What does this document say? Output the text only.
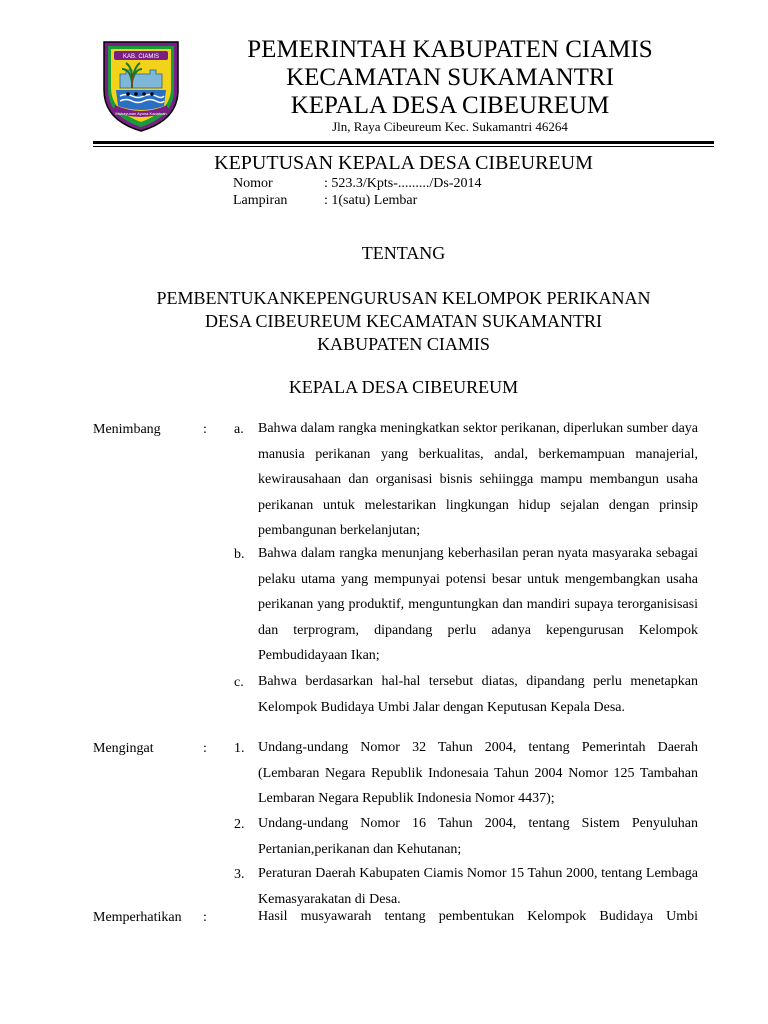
KAB. CIAMIS
Mahayunan Ayuna Kadatuan
PEMERINTAH KABUPATEN CIAMIS
KECAMATAN SUKAMANTRI
KEPALA DESA CIBEUREUM
Jln, Raya Cibeureum Kec. Sukamantri 46264
KEPUTUSAN KEPALA DESA CIBEUREUM
Nomor	: 523.3/Kpts-........./Ds-2014
Lampiran	: 1(satu) Lembar
TENTANG
PEMBENTUKANKEPENGURUSAN KELOMPOK PERIKANAN
DESA CIBEUREUM KECAMATAN SUKAMANTRI
KABUPATEN CIAMIS
KEPALA DESA CIBEUREUM
Menimbang	: a. Bahwa dalam rangka meningkatkan sektor perikanan, diperlukan sumber daya manusia perikanan yang berkualitas, andal, berkemampuan manajerial, kewirausahaan dan organisasi bisnis sehiingga mampu membangun usaha perikanan untuk melestarikan lingkungan hidup sejalan dengan prinsip pembangunan berkelanjutan;
b. Bahwa dalam rangka menunjang keberhasilan peran nyata masyaraka sebagai pelaku utama yang mempunyai potensi besar untuk mengembangkan usaha perikanan yang produktif, menguntungkan dan mandiri supaya terorganisisasi dan terprogram, dipandang perlu adanya kepengurusan Kelompok Pembudidayaan Ikan;
c. Bahwa berdasarkan hal-hal tersebut diatas, dipandang perlu menetapkan Kelompok Budidaya Umbi Jalar dengan Keputusan Kepala Desa.
Mengingat	: 1. Undang-undang Nomor 32 Tahun 2004, tentang Pemerintah Daerah (Lembaran Negara Republik Indonesaia Tahun 2004 Nomor 125 Tambahan Lembaran Negara Republik Indonesia Nomor 4437);
2. Undang-undang Nomor 16 Tahun 2004, tentang Sistem Penyuluhan Pertanian,perikanan dan Kehutanan;
3. Peraturan Daerah Kabupaten Ciamis Nomor 15 Tahun 2000, tentang Lembaga Kemasyarakatan di Desa.
Memperhatikan :	Hasil musyawarah tentang pembentukan Kelompok Budidaya Umbi
